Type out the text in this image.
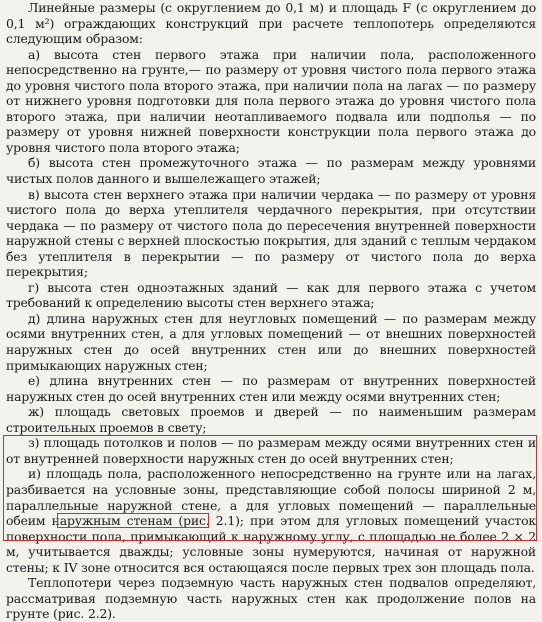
Линейные размеры (с округлением до 0,1 м) и площадь F (с округлением до 0,1 м²) ограждающих конструкций при расчете теплопотерь определяются следующим образом:

а) высота стен первого этажа при наличии пола, расположенного непосредственно на грунте,— по размеру от уровня чистого пола первого этажа до уровня чистого пола второго этажа, при наличии пола на лагах — по размеру от нижнего уровня подготовки для пола первого этажа до уровня чистого пола второго этажа, при наличии неотапливаемого подвала или подполья — по размеру от уровня нижней поверхности конструкции пола первого этажа до уровня чистого пола второго этажа;

б) высота стен промежуточного этажа — по размерам между уровнями чистых полов данного и вышележащего этажей;

в) высота стен верхнего этажа при наличии чердака — по размеру от уровня чистого пола до верха утеплителя чердачного перекрытия, при отсутствии чердака — по размеру от чистого пола до пересечения внутренней поверхности наружной стены с верхней плоскостью покрытия, для зданий с теплым чердаком без утеплителя в перекрытии — по размеру от чистого пола до верха перекрытия;

г) высота стен одноэтажных зданий — как для первого этажа с учетом требований к определению высоты стен верхнего этажа;

д) длина наружных стен для неугловых помещений — по размерам между осями внутренних стен, а для угловых помещений — от внешних поверхностей наружных стен до осей внутренних стен или до внешних поверхностей примыкающих наружных стен;

е) длина внутренних стен — по размерам от внутренних поверхностей наружных стен до осей внутренних стен или между осями внутренних стен;

ж) площадь световых проемов и дверей — по наименьшим размерам строительных проемов в свету;

з) площадь потолков и полов — по размерам между осями внутренних стен и от внутренней поверхности наружных стен до осей внутренних стен;

и) площадь пола, расположенного непосредственно на грунте или на лагах, разбивается на условные зоны, представляющие собой полосы шириной 2 м, параллельные наружной стене, а для угловых помещений — параллельные обеим наружным стенам (рис. 2.1); при этом для угловых помещений участок поверхности пола, примыкающий к наружному углу, с площадью не более 2 × 2 м, учитывается дважды; условные зоны нумеруются, начиная от наружной стены; к IV зоне относится вся остающаяся после первых трех зон площадь пола.

Теплопотери через подземную часть наружных стен подвалов определяют, рассматривая подземную часть наружных стен как продолжение полов на грунте (рис. 2.2).
